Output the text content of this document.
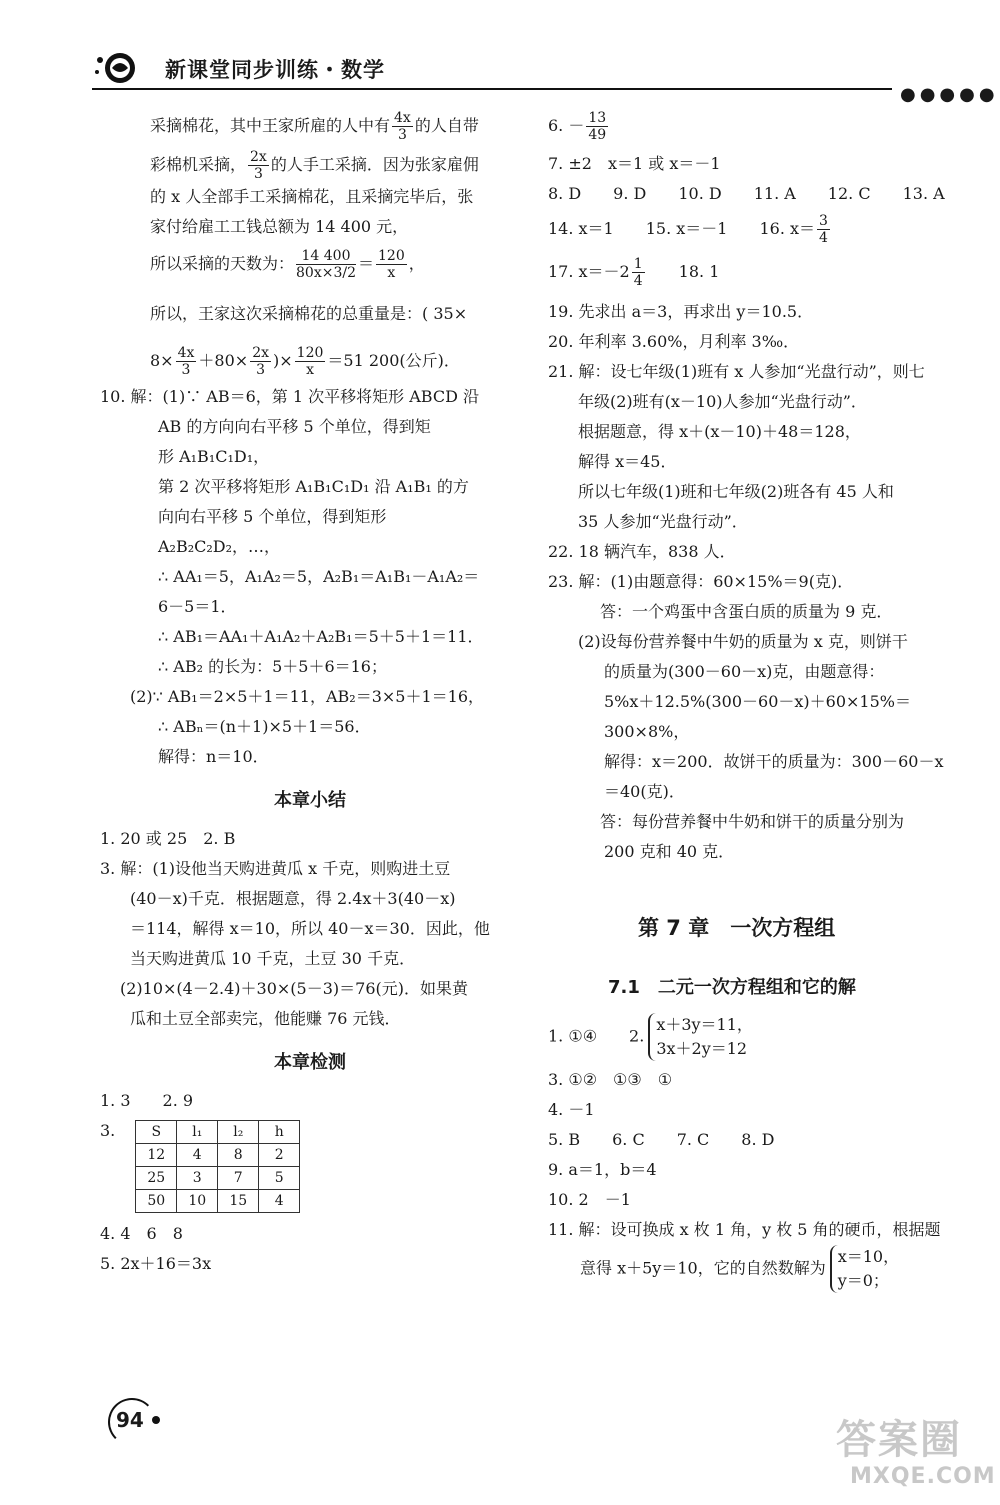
新课堂同步训练・数学
●●●●●

采摘棉花，其中王家所雇的人中有 $\frac{4x}{3}$ 的人自带

彩棉机采摘， $\frac{2x}{3}$ 的人手工采摘．因为张家雇佣

的 x 人全部手工采摘棉花，且采摘完毕后，张

家付给雇工工钱总额为 14 400 元，

所以采摘的天数为： $\frac{14 400}{80x\times 3/2} = \frac{120}{x}$ ，

所以，王家这次采摘棉花的总重量是：( 35×

$8\times \frac{4x}{3} +80\times \frac{2x}{3}$ )× $\frac{120}{x} =51$ 200(公斤)．

10. 解：(1)∵ AB＝6，第 1 次平移将矩形 ABCD 沿

AB 的方向向右平移 5 个单位，得到矩

形 A₁B₁C₁D₁，

第 2 次平移将矩形 A₁B₁C₁D₁ 沿 A₁B₁ 的方

向向右平移 5 个单位，得到矩形

A₂B₂C₂D₂，…，

∴ AA₁＝5，A₁A₂＝5，A₂B₁＝A₁B₁－A₁A₂＝

6－5＝1．

∴ AB₁＝AA₁＋A₁A₂＋A₂B₁＝5＋5＋1＝11．

∴ AB₂ 的长为：5＋5＋6＝16；

(2)∵ AB₁＝2×5＋1＝11，AB₂＝3×5＋1＝16，

∴ ABₙ＝(n＋1)×5＋1＝56．

解得：n＝10．

本章小结

1. 20 或 25　2. B

3. 解：(1)设他当天购进黄瓜 x 千克，则购进土豆

(40－x)千克．根据题意，得 2.4x＋3(40－x)

＝114，解得 x＝10，所以 40－x＝30．因此，他

当天购进黄瓜 10 千克，土豆 30 千克．

(2)10×(4－2.4)＋30×(5－3)＝76(元)．如果黄

瓜和土豆全部卖完，他能赚 76 元钱．

本章检测

1. 3　　2. 9

3.	S	l₁	l₂	h
12	4	8	2
25	3	7	5
50	10	15	4

4. 4　6　8

5. 2x＋16＝3x

6. － $\frac{13}{49}$

7. ±2　x＝1 或 x＝－1

8. D　　9. D　　10. D　　11. A　　12. C　　13. A

14. x＝1　　15. x＝－1　　16. $x= \frac{3}{4}$

17. $x=-2 \frac{1}{4}$ 　　18. 1

19. 先求出 a＝3，再求出 y＝10.5．

20. 年利率 3.60%，月利率 3‰．

21. 解：设七年级(1)班有 x 人参加“光盘行动”，则七

年级(2)班有(x－10)人参加“光盘行动”．

根据题意，得 x＋(x－10)＋48＝128，

解得 x＝45．

所以七年级(1)班和七年级(2)班各有 45 人和

35 人参加“光盘行动”．

22. 18 辆汽车，838 人．

23. 解：(1)由题意得：60×15%＝9(克)．

答：一个鸡蛋中含蛋白质的质量为 9 克．

(2)设每份营养餐中牛奶的质量为 x 克，则饼干

的质量为(300－60－x)克，由题意得：

5%x＋12.5%(300－60－x)＋60×15%＝

300×8%，

解得：x＝200．故饼干的质量为：300－60－x

＝40(克)．

答：每份营养餐中牛奶和饼干的质量分别为

200 克和 40 克．

第 7 章　一次方程组

7.1　二元一次方程组和它的解

1. ①④　　2.
x＋3y＝11，
3x＋2y＝12

3. ①②　①③　①

4. －1

5. B　　6. C　　7. C　　8. D

9. a＝1，b＝4

10. 2　－1

11. 解：设可换成 x 枚 1 角，y 枚 5 角的硬币，根据题

意得 x＋5y＝10，它的自然数解为
x＝10，
y＝0；

94	答案圈
MXQE.COM
